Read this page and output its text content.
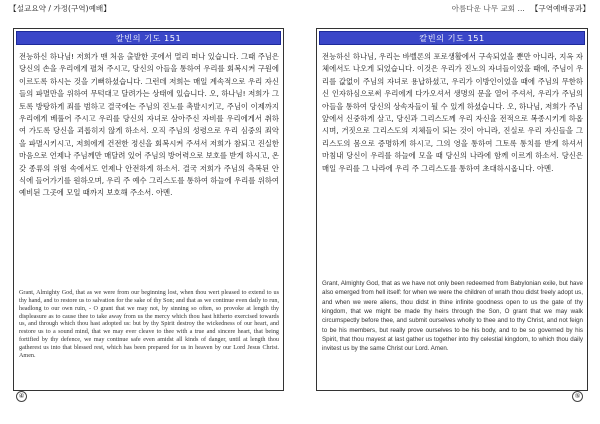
【설교요약 / 가정(구역)예배】
칼빈의 기도 151
전능하신 하나님! 저희가 맨 처음 출발한 곳에서 멀리 떠나 있습니다. 그때 주님은 당신의 손을 우리에게 펼쳐 주시고, 당신의 아들을 통하여 우리를 회복시켜 구원에 이르도록 하시는 것을 기뻐하셨습니다. 그런데 저희는 매일 계속적으로 우리 자신들의 파멸만을 위하여 무턱대고 달려가는 상태에 있습니다. 오, 하나님! 저희가 그토록 방탕하게 죄를 범하고 결국에는 주님의 진노를 촉발시키고, 주님이 이제까지 우리에게 베풀어 주시고 우리를 당신의 자녀로 삼아주신 자비를 우리에게서 취하여 가도록 당신을 괴롭히지 않게 하소서. 오직 주님의 성령으로 우리 심중의 죄악을 파멸시키시고, 저희에게 건전한 정신을 회복시켜 주셔서 저희가 참되고 진실한 마음으로 언제나 주님께만 매달려 있어 주님의 방어력으로 보호를 받게 하시고, 온갖 종류의 위험 속에서도 언제나 안전하게 하소서. 결국 저희가 주님의 측복된 안식에 들어가기를 원하오며, 우리 주 예수 그리스도를 통하여 하늘에 우리를 위하여 예비된 그곳에 모일 때까지 보호해 주소서. 아멘.
Grant, Almighty God, that as we were from our beginning lost, when thou wert pleased to extend to us thy hand, and to restore us to salvation for the sake of thy Son; and that as we continue even daily to run, headlong to our own ruin, - O grant that we may not, by sinning so often, so provoke at length thy displeasure as to cause thee to take away from us the mercy which thou hast hitherto exercised towards us, and through which thou hast adopted us: but by thy Spirit destroy the wickedness of our heart, and restore us to a sound mind, that we may ever cleave to thee with a true and sincere heart, that being fortified by thy defence, we may continue safe even amidst all kinds of danger, until at length thou gatherest us into that blessed rest, which has been prepared for us in heaven by our Lord Jesus Christ. Amen.
④
아름다운 나무 교회 ... 【구역예배공과】
칼빈의 기도 151
전능하신 하나님, 우리는 바벨론의 포로생활에서 구속되었을 뿐만 아니라, 지옥 자체에서도 나오게 되었습니다. 이것은 우리가 진노의 자녀들이었을 때에, 주님이 우리를 값없이 주님의 자녀로 용납하셨고, 우리가 이방인이었을 때에 주님의 무한하신 인자하심으로써 우리에게 다가오셔서 생명의 문을 열어 주셔서, 우리가 주님의 아들을 통하여 당신의 상속자들이 될 수 있게 하셨습니다. 오, 하나님, 저희가 주님 앞에서 신중하게 살고, 당신과 그리스도께 우리 자신을 전적으로 복종시키게 하옵시며, 거짓으로 그리스도의 지체들이 되는 것이 아니라, 진실로 우리 자신들을 그리스도의 몸으로 증명하게 하시고, 그의 영을 통하여 그토록 통치를 받게 하셔서 마침내 당신이 우리를 하늘에 모을 때 당신의 나라에 함께 이르게 하소서. 당신은 매일 우리를 그 나라에 우리 주 그리스도를 통하여 초대하시옵니다. 아멘.
Grant, Almighty God, that as we have not only been redeemed from Babylonian exile, but have also emerged from hell itself: for when we were the children of wrath thou didst freely adopt us, and when we were aliens, thou didst in thine infinite goodness open to us the gate of thy kingdom, that we might be made thy heirs through the Son, O grant that we may walk circumspectly before thee, and submit ourselves wholly to thee and to thy Christ, and not feign to be his members, but really prove ourselves to be his body, and to be so governed by his Spirit, that thou mayest at last gather us together into thy celestial kingdom, to which thou daily invitest us by the same Christ our Lord. Amen.
⑤
